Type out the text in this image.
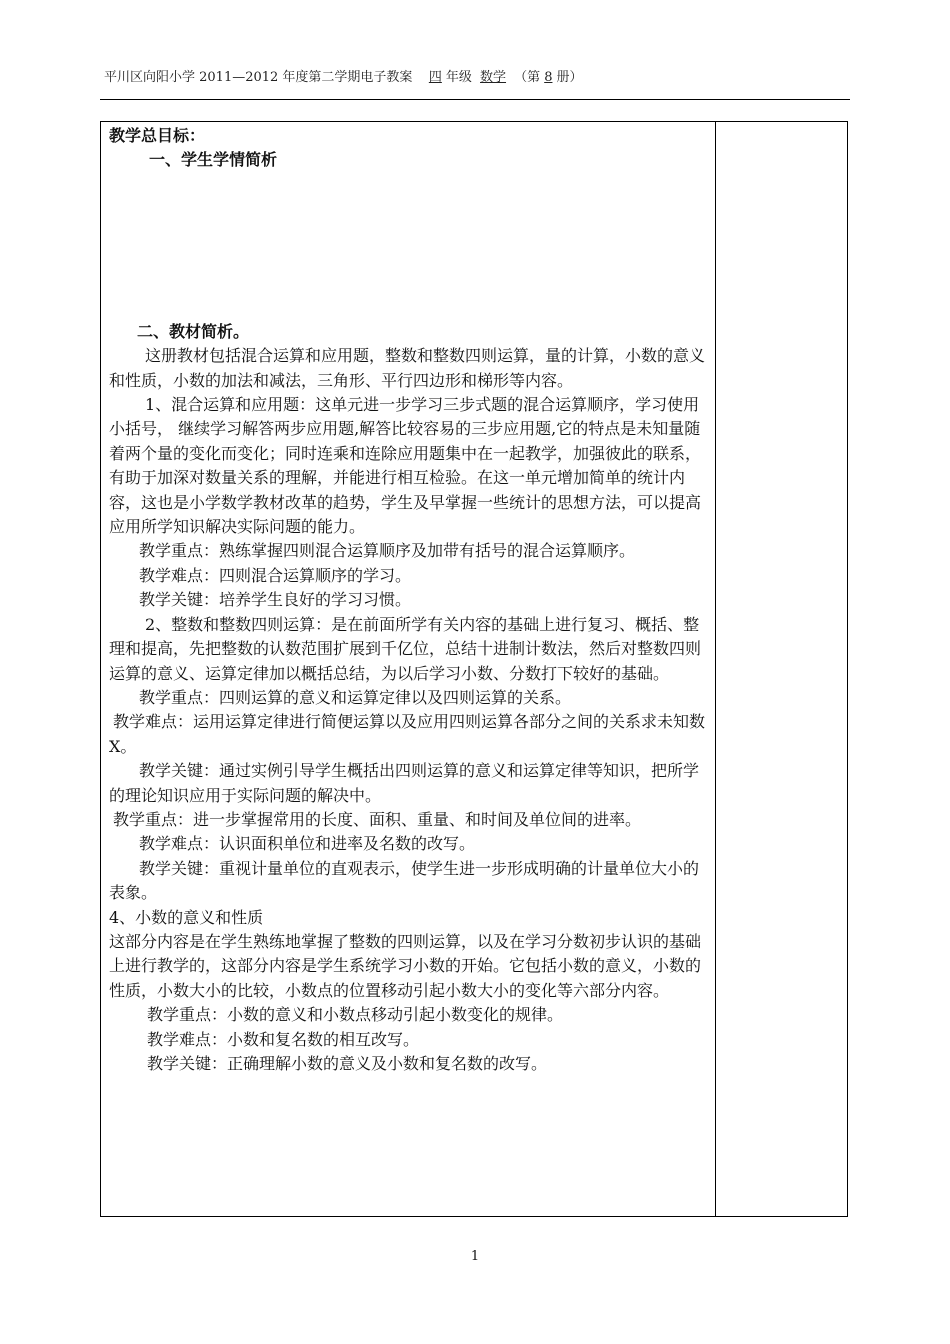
平川区向阳小学 2011—2012 年度第二学期电子教案 四 年级 数学 （第 8 册）

教学总目标：

一、学生学情简析

二、教材简析。

这册教材包括混合运算和应用题，整数和整数四则运算，量的计算，小数的意义和性质，小数的加法和减法，三角形、平行四边形和梯形等内容。

1、混合运算和应用题：这单元进一步学习三步式题的混合运算顺序，学习使用小括号， 继续学习解答两步应用题,解答比较容易的三步应用题,它的特点是未知量随着两个量的变化而变化；同时连乘和连除应用题集中在一起教学，加强彼此的联系，有助于加深对数量关系的理解，并能进行相互检验。在这一单元增加简单的统计内容，这也是小学数学教材改革的趋势，学生及早掌握一些统计的思想方法，可以提高应用所学知识解决实际问题的能力。

教学重点：熟练掌握四则混合运算顺序及加带有括号的混合运算顺序。

教学难点：四则混合运算顺序的学习。

教学关键：培养学生良好的学习习惯。

2、整数和整数四则运算：是在前面所学有关内容的基础上进行复习、概括、整理和提高，先把整数的认数范围扩展到千亿位，总结十进制计数法，然后对整数四则运算的意义、运算定律加以概括总结，为以后学习小数、分数打下较好的基础。

教学重点：四则运算的意义和运算定律以及四则运算的关系。

教学难点：运用运算定律进行简便运算以及应用四则运算各部分之间的关系求未知数 X。

教学关键：通过实例引导学生概括出四则运算的意义和运算定律等知识，把所学的理论知识应用于实际问题的解决中。

教学重点：进一步掌握常用的长度、面积、重量、和时间及单位间的进率。

教学难点：认识面积单位和进率及名数的改写。

教学关键：重视计量单位的直观表示，使学生进一步形成明确的计量单位大小的表象。

4、小数的意义和性质

这部分内容是在学生熟练地掌握了整数的四则运算，以及在学习分数初步认识的基础上进行教学的，这部分内容是学生系统学习小数的开始。它包括小数的意义，小数的性质，小数大小的比较，小数点的位置移动引起小数大小的变化等六部分内容。

教学重点：小数的意义和小数点移动引起小数变化的规律。

教学难点：小数和复名数的相互改写。

教学关键：正确理解小数的意义及小数和复名数的改写。

1
